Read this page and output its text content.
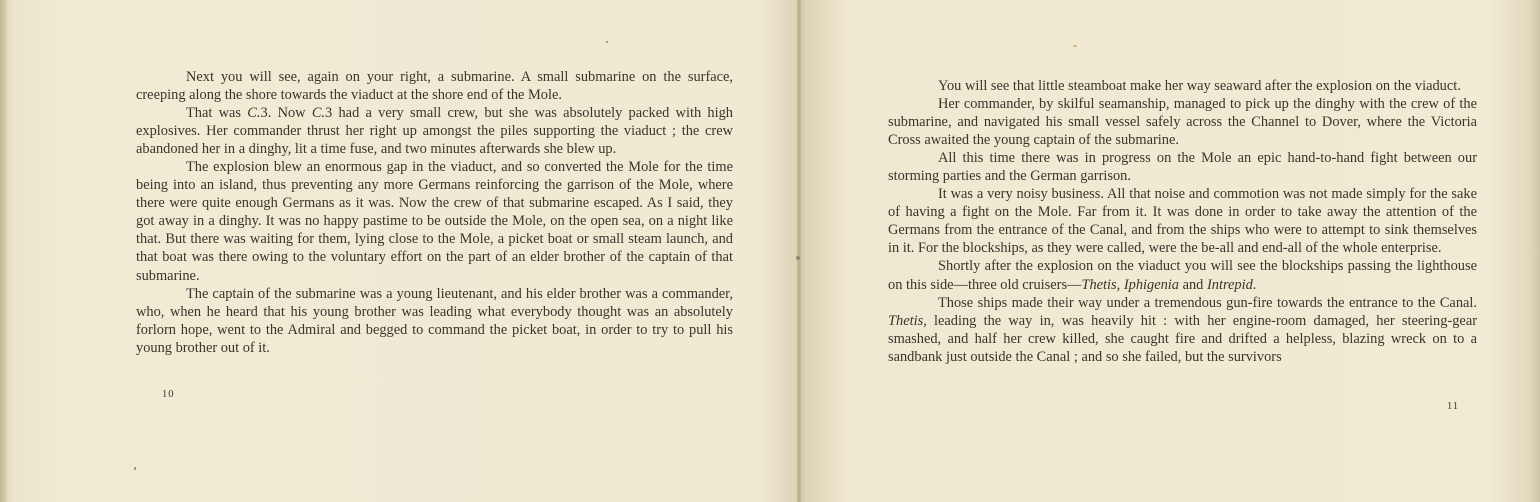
Next you will see, again on your right, a submarine. A small submarine on the surface, creeping along the shore towards the viaduct at the shore end of the Mole.

That was C.3. Now C.3 had a very small crew, but she was absolutely packed with high explosives. Her commander thrust her right up amongst the piles supporting the viaduct ; the crew abandoned her in a dinghy, lit a time fuse, and two minutes afterwards she blew up.

The explosion blew an enormous gap in the viaduct, and so converted the Mole for the time being into an island, thus preventing any more Germans reinforcing the garrison of the Mole, where there were quite enough Germans as it was. Now the crew of that submarine escaped. As I said, they got away in a dinghy. It was no happy pastime to be outside the Mole, on the open sea, on a night like that. But there was waiting for them, lying close to the Mole, a picket boat or small steam launch, and that boat was there owing to the voluntary effort on the part of an elder brother of the captain of that submarine.

The captain of the submarine was a young lieutenant, and his elder brother was a commander, who, when he heard that his young brother was leading what everybody thought was an absolutely forlorn hope, went to the Admiral and begged to command the picket boat, in order to try to pull his young brother out of it.

10

You will see that little steamboat make her way seaward after the explosion on the viaduct.

Her commander, by skilful seamanship, managed to pick up the dinghy with the crew of the submarine, and navigated his small vessel safely across the Channel to Dover, where the Victoria Cross awaited the young captain of the submarine.

All this time there was in progress on the Mole an epic hand-to-hand fight between our storming parties and the German garrison.

It was a very noisy business. All that noise and commotion was not made simply for the sake of having a fight on the Mole. Far from it. It was done in order to take away the attention of the Germans from the entrance of the Canal, and from the ships who were to attempt to sink themselves in it. For the blockships, as they were called, were the be-all and end-all of the whole enterprise.

Shortly after the explosion on the viaduct you will see the blockships passing the lighthouse on this side—three old cruisers—Thetis, Iphigenia and Intrepid.

Those ships made their way under a tremendous gun-fire towards the entrance to the Canal. Thetis, leading the way in, was heavily hit : with her engine-room damaged, her steering-gear smashed, and half her crew killed, she caught fire and drifted a helpless, blazing wreck on to a sandbank just outside the Canal ; and so she failed, but the survivors

11
